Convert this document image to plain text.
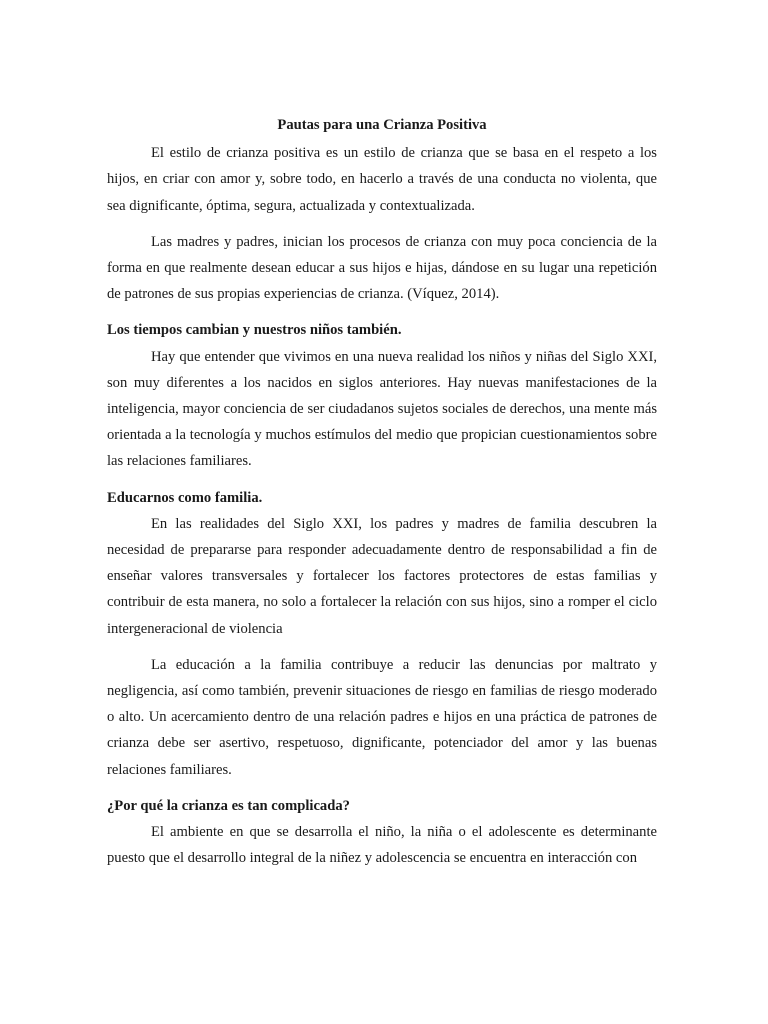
Pautas para una Crianza Positiva

El estilo de crianza positiva es un estilo de crianza que se basa en el respeto a los hijos, en criar con amor y, sobre todo, en hacerlo a través de una conducta no violenta, que sea dignificante, óptima, segura, actualizada y contextualizada.

Las madres y padres, inician los procesos de crianza con muy poca conciencia de la forma en que realmente desean educar a sus hijos e hijas, dándose en su lugar una repetición de patrones de sus propias experiencias de crianza. (Víquez, 2014).

Los tiempos cambian y nuestros niños también.

Hay que entender que vivimos en una nueva realidad los niños y niñas del Siglo XXI, son muy diferentes a los nacidos en siglos anteriores. Hay nuevas manifestaciones de la inteligencia, mayor conciencia de ser ciudadanos sujetos sociales de derechos, una mente más orientada a la tecnología y muchos estímulos del medio que propician cuestionamientos sobre las relaciones familiares.

Educarnos como familia.

En las realidades del Siglo XXI, los padres y madres de familia descubren la necesidad de prepararse para responder adecuadamente dentro de responsabilidad a fin de enseñar valores transversales y fortalecer los factores protectores de estas familias y contribuir de esta manera, no solo a fortalecer la relación con sus hijos, sino a romper el ciclo intergeneracional de violencia

La educación a la familia contribuye a reducir las denuncias por maltrato y negligencia, así como también, prevenir situaciones de riesgo en familias de riesgo moderado o alto. Un acercamiento dentro de una relación padres e hijos en una práctica de patrones de crianza debe ser asertivo, respetuoso, dignificante, potenciador del amor y las buenas relaciones familiares.

¿Por qué la crianza es tan complicada?

El ambiente en que se desarrolla el niño, la niña o el adolescente es determinante puesto que el desarrollo integral de la niñez y adolescencia se encuentra en interacción con
